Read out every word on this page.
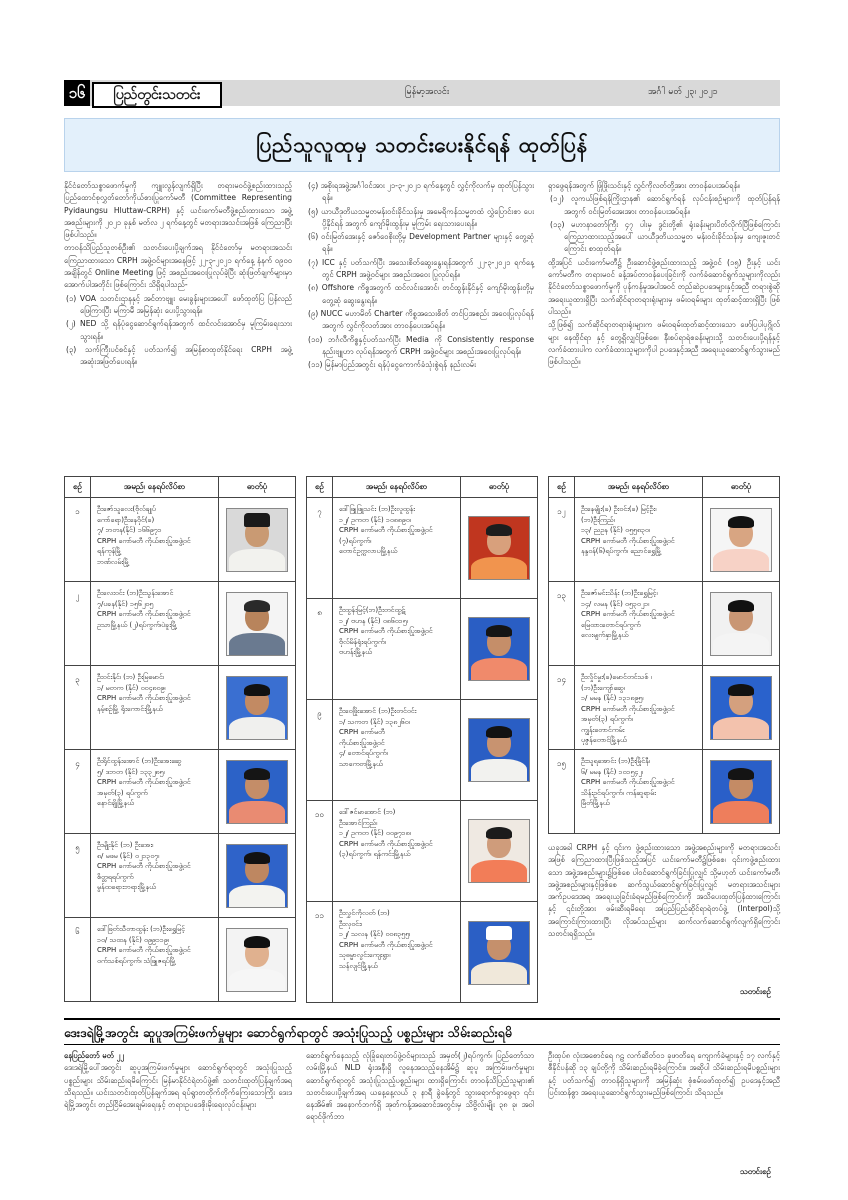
၁၆	ပြည်တွင်းသတင်း	မြန်မာ့အလင်း	အင်္ဂါ မတ် ၂၃၊ ၂၀၂၁
ပြည်သူလူထုမှ သတင်းပေးနိုင်ရန် ထုတ်ပြန်

နိုင်ငံတော်သစ္စာဖောက်မှုကို ကျူးလွန်လျက်ရှိပြီး တရားမဝင်ဖွဲ့စည်းထားသည့် ပြည်ထောင်စုလွှတ်တော်ကိုယ်စားပြုကော်မတီ (Committee Representing Pyidaungsu Hluttaw-CRPH) နှင့် ယင်းကော်မတီဖွဲ့စည်းထားသော အဖွဲ့အစည်းများကို ၂၀၂၁ ခုနှစ် မတ်လ ၂ ရက်နေ့တွင် မတရားအသင်းအဖြစ် ကြေညာပြီးဖြစ်ပါသည်။

တာဝန်သိပြည်သူတစ်ဦး၏ သတင်းပေးပို့ချက်အရ နိုင်ငံတော်မှ မတရားအသင်းကြေညာထားသော CRPH အဖွဲ့ဝင်များအနေဖြင့် ၂၂-၃-၂၀၂၁ ရက်နေ့ နံနက် ၀၉၀၀ အချိန်တွင် Online Meeting ဖြင့် အစည်းအဝေးပြုလုပ်ခဲ့ပြီး ဆုံးဖြတ်ချက်များမှာ အောက်ပါအတိုင်း ဖြစ်ကြောင်း သိရှိရပါသည်-

(၁) VOA သတင်းဌာနနှင့် အင်တာဗျူး မေးခွန်းများအပေါ် ဖော်ထုတ်ပြ ပြန်လည်ဖြေကြားပြီး မကြာမီ အမြန်ဆုံး ပေးပို့သွားရန်။

(၂) NED သို့ ရန်ပုံငွေဆောင်ရွက်ရန်အတွက် ထင်လင်းအောင်မှ မူကြမ်းရေးသားသွားရန်။

(၃) သက်ကြီးပင်စင်နှင့် ပတ်သက်၍ အမြန်စာထုတ်နိုင်ရေး CRPH အဖွဲ့ အဆုံးအဖြတ်ပေးရန်။

(၄) အစိုးရအဖွဲ့အင်္ဂါဝင်အား ၂၁-၃-၂၀၂၁ ရက်နေ့တွင် လွှင့်ကိုလက်မှ ထုတ်ပြန်သွားရန်။

(၅) ယာယီဒုတိယသမ္မတမန်းဝင်းခိုင်သန်းမှ အမေရိကန်သမ္မတထံ လွှဲပြောင်းစာ ပေးပို့နိုင်ရန် အတွက် ကျော်မိုးထွန်းမှ မူကြမ်း ရေးသားပေးရန်။

(၆) ဝင်းမြတ်အေးနှင့် ဇော်ဝေစိုးတို့မှ Development Partner များနှင့် တွေ့ဆုံရန်။

(၇) ICC နှင့် ပတ်သက်ပြီး အသေးစိတ်ဆွေးနွေးရန်အတွက် ၂၂-၃-၂၀၂၁ ရက်နေ့တွင် CRPH အဖွဲ့ဝင်များ အစည်းအဝေး ပြုလုပ်ရန်။

(၈) Offshore ကိစ္စအတွက် ထင်လင်းအောင်၊ တင်ထွန်းနိုင်နှင့် ကျော်မိုးထွန်းတို့မှ တွေ့ဆုံ ဆွေးနွေးရန်။

(၉) NUCC မဟာမိတ် Charter ကိစ္စအသေးစိတ် တင်ပြအစည်း အဝေးပြုလုပ်ရန်အတွက် လွှင်ကိုလတ်အား တာဝန်ပေးအပ်ရန်။

(၁၀) ဘင်္ဂလီကိစ္စနှင့်ပတ်သက်ပြီး Media ကို Consistently response နည်းဗျူဟာ လုပ်ရန်အတွက် CRPH အဖွဲ့ဝင်များ အစည်းအဝေးပြုလုပ်ရန်။

(၁၁) မြန်မာပြည်အတွင်း ရန်ပုံငွေကောက်ခံသုံးစွဲရန် နည်းလမ်း

ရှာဖွေရန်အတွက် ဖြုံဖြိုးသင်းနှင့် လွှင်ကိုလတ်တို့အား တာဝန်ပေးအပ်ရန်။

(၁၂) လူကယ်ဖြစ်ရန်ကြိုးဌာန၏ ဆောင်ရွက်ရန် လုပ်ငန်းစဉ်များကို ထုတ်ပြန်ရန်အတွက် ဝင်းမြတ်အေးအား တာဝန်ပေးအပ်ရန်။

(၁၃) မဟာနာတော်ကြီး ၄၇ ပါးမှ ဒွင်းတို့၏ ရုံးခန်းများပိတ်လိုက်ပြီဖြစ်ကြောင်း ကြေညာထားသည့်အပေါ် ယာယီဒုတိယသမ္မတ မန်းဝင်းခိုင်သန်းမှ ကျေးဇူးတင်ကြောင်း စာထုတ်ရန်။

ထို့အပြင် ယင်းကော်မတီ၌ ဦးဆောင်ဖွဲ့စည်းထားသည့် အဖွဲ့ဝင် (၁၅) ဦးနှင့် ယင်းကော်မတီက တရားမဝင် ခန့်အပ်တာဝန်ပေးခြင်းကို လက်ခံဆောင်ရွက်သူများကိုလည်း နိုင်ငံတော်သစ္စာဖောက်မှုကို ပုန်ကန်မှုအပါအဝင် တည်ဆဲဥပဒေများနှင့်အညီ တရားစွဲဆိုအရေးယူထားရှိပြီး သက်ဆိုင်ရာတရားရုံးများမှ ဖမ်းဝရမ်းများ ထုတ်ဆင့်ထားရှိပြီး ဖြစ်ပါသည်။

သို့ဖြစ်၍ သက်ဆိုင်ရာတရားရုံးများက ဖမ်းဝရမ်းထုတ်ဆင့်ထားသော ဖော်ပြပါပုဂ္ဂိုလ်များ နေထိုင်ရာ နှင့် တွေ့ရှိလျှင်ဖြစ်စေ၊ နီးစပ်ရာရဲစခန်းများသို့ သတင်းပေးပို့ရန်နှင့် လက်ခံထားပါက လက်ခံထားသူများကိုပါ ဥပဒေနှင့်အညီ အရေးယူဆောင်ရွက်သွားမည်ဖြစ်ပါသည်။

စဉ်	အမည်၊ နေရပ်လိပ်စာ	ဓာတ်ပုံ
၁	ဦးဇော်သူလေး(ဗိုလ်ချုပ်
ကော်ရော)ဦးနေဝိုင်(ခ)
၇/ ဘတန(နိုင်) ၁၆၆၉၇၁
CRPH ကော်မတီ ကိုယ်စားပြုအဖွဲ့ဝင်
ရန်ကုန်မြို့
ဘဏ်လမ်းမြို့
၂	ဦးလေးဝင်း (ဘ)ဦးသွန်းအောင်
၇/ပခန(နိုင်) ၁၅၆၂၀၅
CRPH ကော်မတီ ကိုယ်စားပြုအဖွဲ့ဝင်
ဥသာမြို့နယ် (၂)ရပ်ကွက်၊ပဲခူးမြို့
၃	ဦးဝင်းနိုင်၊ (ဘ) ဦးမြမောင်၊
၁/ မတက (နိုင်) ၀၀၄၈၀၉၊
CRPH ကော်မတီ ကိုယ်စားပြုအဖွဲ့ဝင်
နမ့်စဉ်မြို့ ရိုးကောင်းမြို့နယ်
၄	ဦးရိုင်ထွန်းအောင် (ဘ)ဦးအေးဆွေ
၅/ ဒဘတ (နိုင်) ၁၃၃၂၈၅၊
CRPH ကော်မတီ ကိုယ်စားပြုအဖွဲ့ဝင်
အမှတ်(၃) ရပ်ကွက်
နောင်ချိုမြို့နယ်
၅	ဦးမျိုးနိုင် (ဘ) ဦးအေး၊
၈/ မဖမ (နိုင်) ၀၂၁၃၀၇၊
CRPH ကော်မတီ ကိုယ်စားပြုအဖွဲ့ဝင်
စိတ္တရရပ်ကွက်
မွန်ထရေားဘရားမြို့နယ်
၆	ဒေါ်ဖြတ်သီတာထွန်း (ဘ)ဦးရွှေမြင့်
၁၀/ သထန (နိုင်) ၀၉၉၁၁၉၊
CRPH ကော်မတီ ကိုယ်စားပြုအဖွဲ့ဝင်
ဝက်သစ်ရပ်ကွက်၊ သံဖြူဇရပ်မြို့
စဉ်	အမည်၊ နေရပ်လိပ်စာ	ဓာတ်ပုံ
၇	ဒေါ်ဖြူဖြူသင်း (ဘ)ဦးလူထွန်း
၁၂/ ဥကတ (နိုင်) ၁၀၈၈၉၀၊
CRPH ကော်မတီ ကိုယ်စားပြုအဖွဲ့ဝင်
(၇)ရပ်ကွက်၊
တောင်ဥက္ကလာပမြို့နယ်
၈	ဦးထွန်းမြင့်(ဘ)ဦးတင်ထွဋ်
၁၂/ ဗဟန (နိုင်) ၀၈၆၀၁၅၊
CRPH ကော်မတီ ကိုယ်စားပြုအဖွဲ့ဝင်
ဗိုလ်မိန်ရုံးရပ်ကွက်၊
ဗဟန်းမြို့နယ်
၉	ဦးဝေဖြိုးအောင် (ဘ)ဦးတင်ဝင်း
၁/ သကတ (နိုင်) ၁၃၈၂၆၀၊
CRPH ကော်မတီ
ကိုယ်စားပြုအဖွဲ့ဝင်
၄/ တောင်ရပ်ကွက်၊
သာကေတမြို့နယ်
၁၀	ဒေါ်ဇင်မာအောင် (ဘ)
ဦးအောင်ကြည်၊
၁၂/ ဥကတ (နိုင်) ၀၀၉၇၁၈၊
CRPH ကော်မတီ ကိုယ်စားပြုအဖွဲ့ဝင်
(၃)ရပ်ကွက်၊ ရန်ကင်းမြို့နယ်
၁၁	ဦးလွှင်ကိုလတ် (ဘ)
ဦးလှဝင်း၊
၁၂/ သလန (နိုင်) ၀၀၈၃၅၅၊
CRPH ကော်မတီ ကိုယ်စားပြုအဖွဲ့ဝင်
သုဓမ္မာလွင်းကျေးရွာ၊
သန်လျင်မြို့နယ်
စဉ်	အမည်၊ နေရပ်လိပ်စာ	ဓာတ်ပုံ
၁၂	ဦးနေမျိုး(ခ) ဦးဝင်း(ခ) မြင့်ဦး၊
(ဘ)ဦးကြည်၊
၁၃/ ညဥန (နိုင်) ၀၅၅၈၃၀၊
CRPH ကော်မတီ ကိုယ်စားပြုအဖွဲ့ဝင်
နန္ဒဝန်(၆)ရပ်ကွက်၊ ညောင်ရွှေမြို့
၁၃	ဦးဇော်မင်းသိန်း (ဘ)ဦးရွှေမြင့်၊
၁၄/ လမန (နိုင်) ၀၅၃၀၂၁၊
CRPH ကော်မတီ ကိုယ်စားပြုအဖွဲ့ဝင်
မြေထားတောင်ရပ်ကွက်
လေးမျက်နှာမြို့နယ်
၁၄	ဦးလှိုင်မှုး(ခ)မောင်တင်သစ် ၊
(ဘ)ဦးကျော်ဆွေ၊
၁/ မမန (နိုင်) ၁၃၁၈၉၅၊
CRPH ကော်မတီ ကိုယ်စားပြုအဖွဲ့ဝင်
အမှတ်(၃) ရပ်ကွက်၊
ကျွန်းတောင်ကမ်း
ပုဇွန်တောင်မြို့နယ်
၁၅	ဦးသူရအောင်း (ဘ)ဦးမြိုင်နီ၊
၆/ မမန (နိုင်) ၁၀၁၅၄၂၊
CRPH ကော်မတီ ကိုယ်စားပြုအဖွဲ့ဝင်
သိန်းဥင်ရပ်ကွက်၊ ကန်ဆူရာမ်း
မြိတ်မြို့နယ်

ယခုအခါ CRPH နှင့် ၎င်းက ဖွဲ့စည်းထားသော အဖွဲ့အစည်းများကို မတရားအသင်းအဖြစ် ကြေညာထားပြီးဖြစ်သည့်အပြင် ယင်းကော်မတီ၌ဖြစ်စေ၊ ၎င်းကဖွဲ့စည်းထားသော အဖွဲ့အစည်းများ၌ဖြစ်စေ ပါဝင်ဆောင်ရွက်ခြင်းပြုလျှင် သို့မဟုတ် ယင်းကော်မတီ၊ အဖွဲ့အစည်းများနှင့်ဖြစ်စေ ဆက်သွယ်ဆောင်ရွက်ခြင်းပြုလျှင် မတရားအသင်းများအက်ဥပဒေအရ အရေးယူခြင်းခံရမည်ဖြစ်ကြောင်းကို အသိပေးထုတ်ပြန်ထားကြောင်းနှင့် ၎င်းတို့အား ဖမ်းဆီးရမိရေး အပြည်ပြည်ဆိုင်ရာရဲတပ်ဖွဲ့ (Interpol)သို့ အကြောင်းကြားထားပြီး လိုအပ်သည်များ ဆက်လက်ဆောင်ရွက်လျက်ရှိကြောင်း သတင်းရရှိသည်။

သတင်းစဉ်
ဒေးဒရဲမြို့အတွင်း ဆူပူအကြမ်းဖက်မှုများ ဆောင်ရွက်ရာတွင် အသုံးပြုသည့် ပစ္စည်းများ သိမ်းဆည်းရမိ

နေပြည်တော် မတ် ၂၂

ဒေးဒရဲမြို့ပေါ်အတွင်း ဆူပူအကြမ်းဖက်မှုများ ဆောင်ရွက်ရာတွင် အသုံးပြုသည့် ပစ္စည်းများ သိမ်းဆည်းရမိကြောင်း မြန်မာနိုင်ငံရဲတပ်ဖွဲ့၏ သတင်းထုတ်ပြန်ချက်အရ သိရသည်။ ယင်းသတင်းထုတ်ပြန်ချက်အရ ရပ်ရွာတတိုက်တိုက်ကြေးသောကြိုး ဒေးဒရဲမြို့အတွင်း တည်ငြိမ်အေးချမ်းရေးနှင့် တရားဥပဒေစိုးမိုးရေးလုပ်ငန်းများ

ဆောင်ရွက်နေသည့် လုံခြုံရေးတပ်ဖွဲ့ဝင်များသည် အမှတ်(၂)ရပ်ကွက်၊ ပြည်တော်သာလမ်းမြို့နယ် NLD ရုံးအနီးရှိ လူနေအသည့်နေအိမ်၌ ဆူပူ အကြမ်းဖက်မှုများ ဆောင်ရွက်ရာတွင် အသုံးပြုသည့်ပစ္စည်းများ ထားရှိကြောင်း တာဝန်သိပြည်သူများ၏ သတင်းပေးပို့ချက်အရ ယနေ့နေ့လယ် ၃ နာရီ ခွဲခန့်တွင် သွားရောက်ရှာဖွေရာ ၎င်းနေအိမ်၏ အနောက်ဘက်ရှိ အုတ်ကန့်အဆောင်အတွင်းမှ သိဗ္ဗိလ်းမျိုး ၃၈ ခု၊ အဝါရောင်ဖိုက်ဘာ

ဦးထုပ်၈ လုံးအစောင်ရေ ဂဠ လက်ဆိတ်ဝ၁ ခုဖာတိရေ ကျောက်ခဲများနှင့် ၁၇ လက်နှင့် စီနိုင်ပန်ဆို ၁၃ ချပ်တို့ကို သိမ်းဆည်းရမိခဲ့ကြောင်း။ အဆိုပါ သိမ်းဆည်းရမိပစ္စည်းများနှင့် ပတ်သက်၍ တာဝန်ရှိသူများကို အမြန်ဆုံး စုံစမ်းဖော်ထုတ်၍ ဥပဒေနှင့်အညီ ပြင်းထန်စွာ အရေးယူဆောင်ရွက်သွားမည်ဖြစ်ကြောင်း သိရသည်။

သတင်းစဉ်
